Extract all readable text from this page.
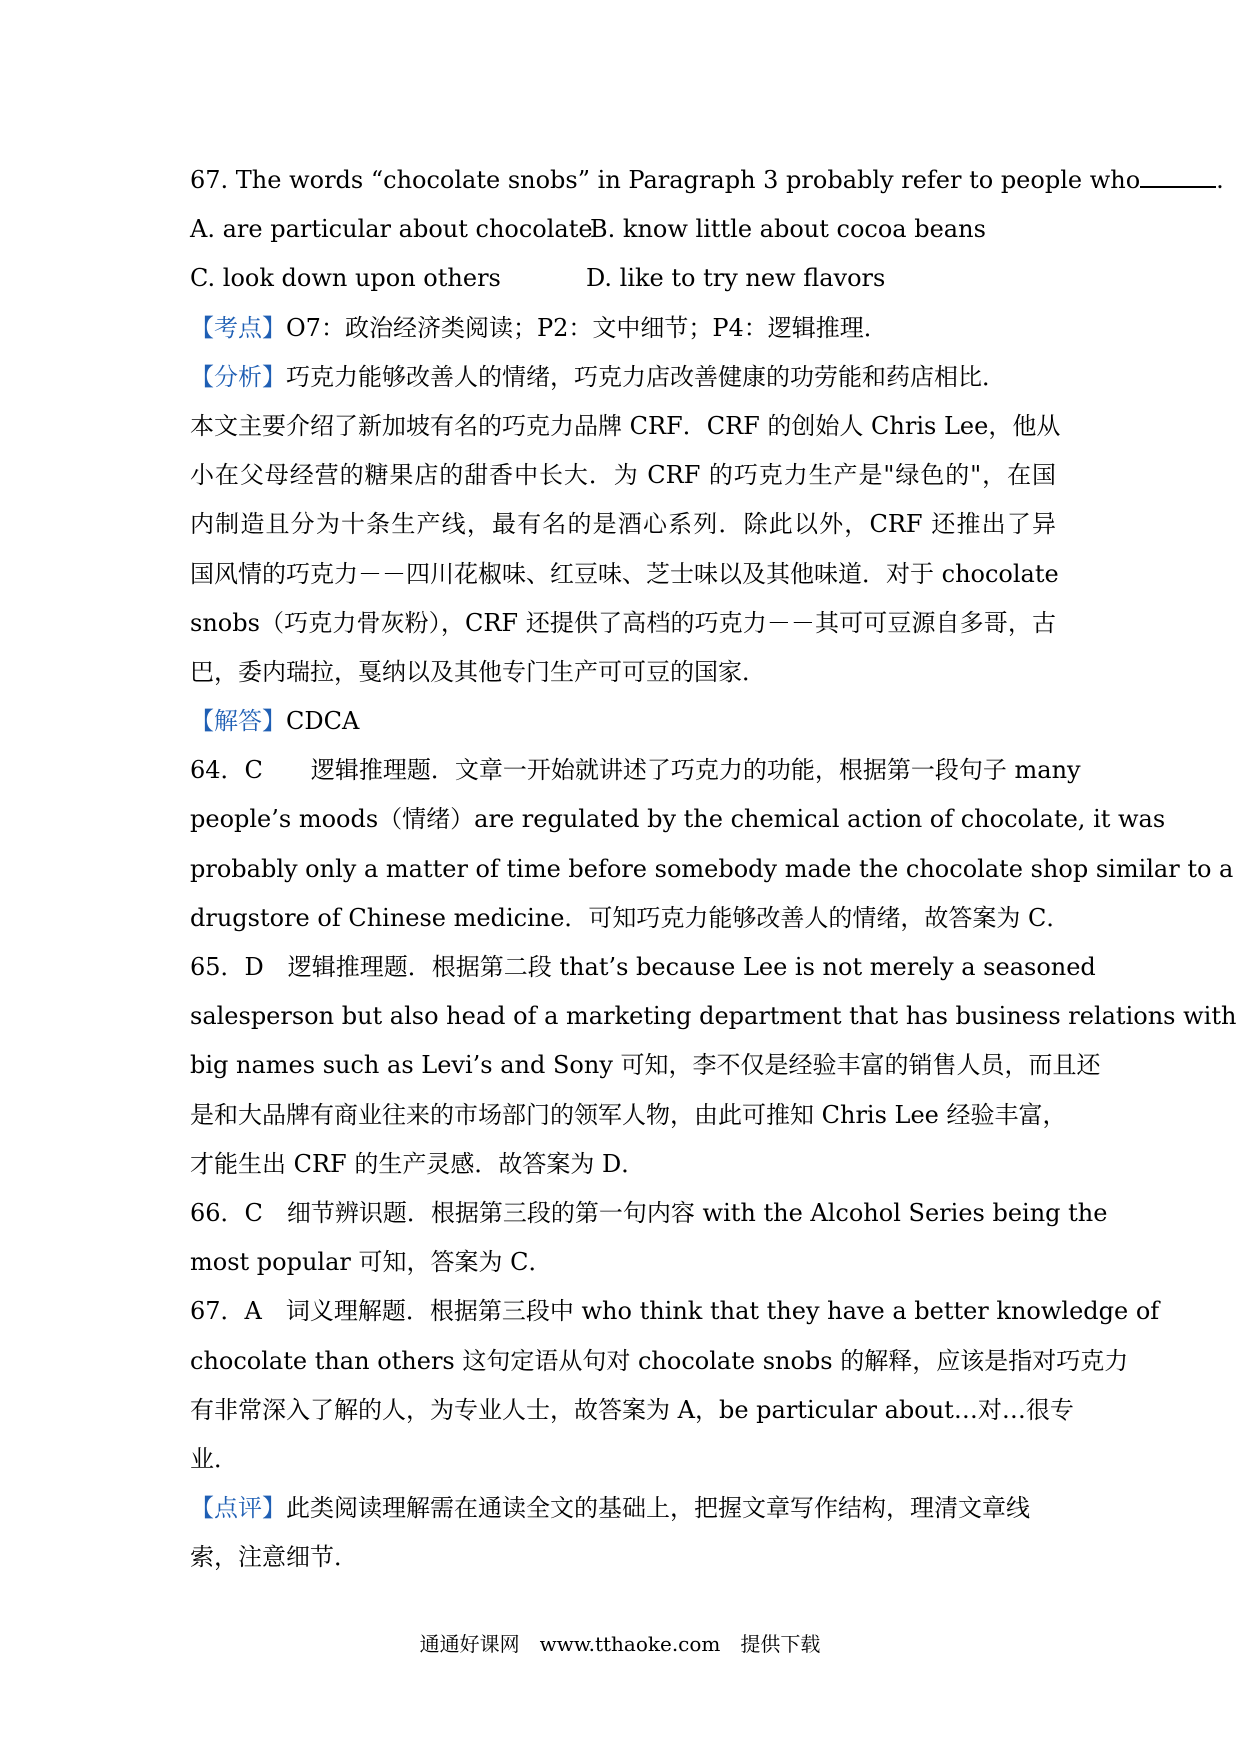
67. The words “chocolate snobs” in Paragraph 3 probably refer to people who	.
A. are particular about chocolate
B. know little about cocoa beans
C. look down upon others	D. like to try new flavors
【考点】O7：政治经济类阅读；P2：文中细节；P4：逻辑推理．
【分析】巧克力能够改善人的情绪，巧克力店改善健康的功劳能和药店相比．
本文主要介绍了新加坡有名的巧克力品牌 CRF．CRF 的创始人 Chris Lee，他从
小在父母经营的糖果店的甜香中长大．为 CRF 的巧克力生产是"绿色的"，在国
内制造且分为十条生产线，最有名的是酒心系列．除此以外，CRF 还推出了异
国风情的巧克力－－四川花椒味、红豆味、芝士味以及其他味道．对于 chocolate
snobs（巧克力骨灰粉），CRF 还提供了高档的巧克力－－其可可豆源自多哥，古
巴，委内瑞拉，戛纳以及其他专门生产可可豆的国家．
【解答】CDCA
64．C　　逻辑推理题．文章一开始就讲述了巧克力的功能，根据第一段句子 many
people’s moods（情绪）are regulated by the chemical action of chocolate, it was
probably only a matter of time before somebody made the chocolate shop similar to a
drugstore of Chinese medicine．可知巧克力能够改善人的情绪，故答案为 C．
65．D　逻辑推理题．根据第二段 that’s because Lee is not merely a seasoned
salesperson but also head of a marketing department that has business relations with
big names such as Levi’s and Sony 可知，李不仅是经验丰富的销售人员，而且还
是和大品牌有商业往来的市场部门的领军人物，由此可推知 Chris Lee 经验丰富，
才能生出 CRF 的生产灵感．故答案为 D．
66．C　细节辨识题．根据第三段的第一句内容 with the Alcohol Series being the
most popular 可知，答案为 C．
67．A　词义理解题．根据第三段中 who think that they have a better knowledge of
chocolate than others 这句定语从句对 chocolate snobs 的解释，应该是指对巧克力
有非常深入了解的人，为专业人士，故答案为 A，be particular about…对…很专
业．
【点评】此类阅读理解需在通读全文的基础上，把握文章写作结构，理清文章线
索，注意细节．
通通好课网　www.tthaoke.com　提供下载
